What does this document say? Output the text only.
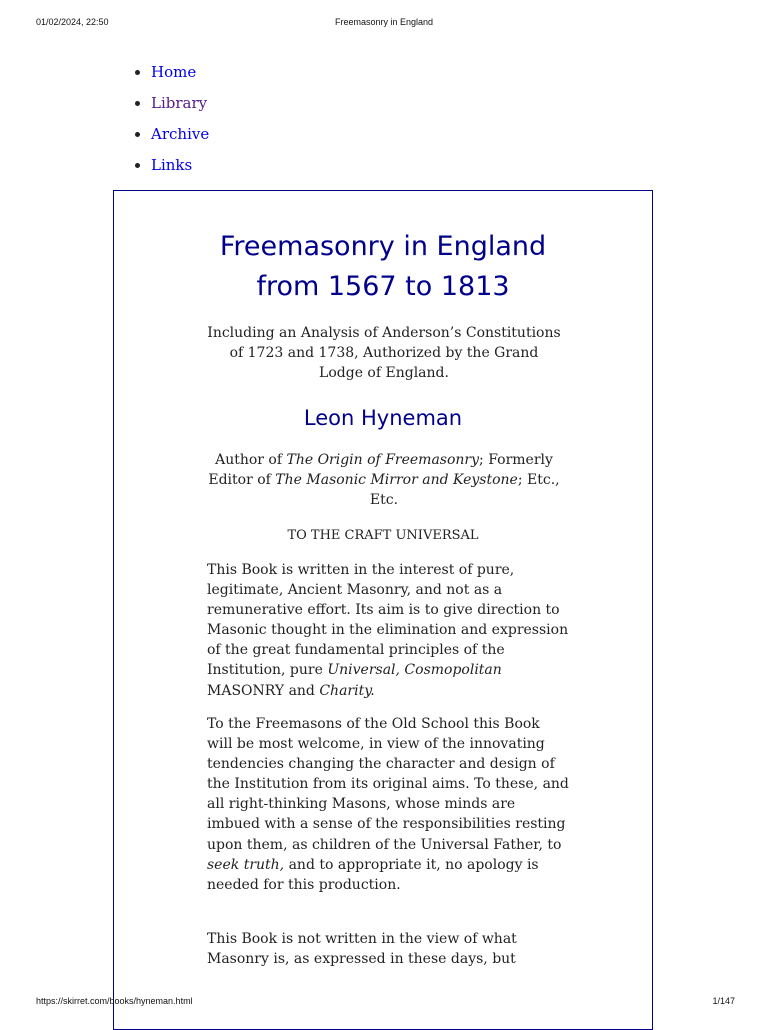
01/02/2024, 22:50	Freemasonry in England
Home
Library
Archive
Links
Freemasonry in England
from 1567 to 1813

Including an Analysis of Anderson’s Constitutions of 1723 and 1738, Authorized by the Grand Lodge of England.

Leon Hyneman

Author of The Origin of Freemasonry; Formerly Editor of The Masonic Mirror and Keystone; Etc., Etc.

TO THE CRAFT UNIVERSAL

This Book is written in the interest of pure, legitimate, Ancient Masonry, and not as a remunerative effort. Its aim is to give direction to Masonic thought in the elimination and expression of the great fundamental principles of the Institution, pure Universal, Cosmopolitan MASONRY and Charity.

To the Freemasons of the Old School this Book will be most welcome, in view of the innovating tendencies changing the character and design of the Institution from its original aims. To these, and all right-thinking Masons, whose minds are imbued with a sense of the responsibilities resting upon them, as children of the Universal Father, to seek truth, and to appropriate it, no apology is needed for this production.

This Book is not written in the view of what Masonry is, as expressed in these days, but

https://skirret.com/books/hyneman.html	1/147
